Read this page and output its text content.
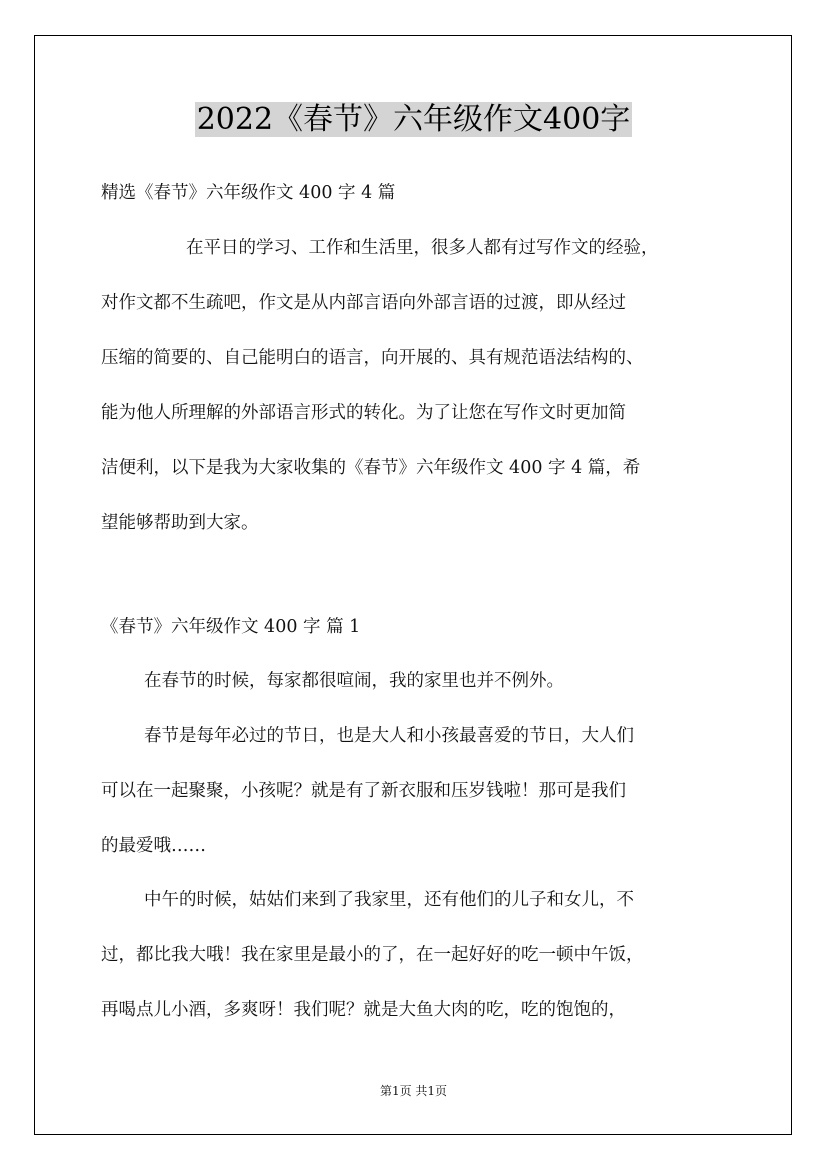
2022《春节》六年级作文400字
精选《春节》六年级作文 400 字 4 篇
在平日的学习、工作和生活里，很多人都有过写作文的经验，
对作文都不生疏吧，作文是从内部言语向外部言语的过渡，即从经过
压缩的简要的、自己能明白的语言，向开展的、具有规范语法结构的、
能为他人所理解的外部语言形式的转化。为了让您在写作文时更加简
洁便利，以下是我为大家收集的《春节》六年级作文 400 字 4 篇，希
望能够帮助到大家。
《春节》六年级作文 400 字 篇 1
在春节的时候，每家都很喧闹，我的家里也并不例外。
春节是每年必过的节日，也是大人和小孩最喜爱的节日，大人们
可以在一起聚聚，小孩呢？就是有了新衣服和压岁钱啦！那可是我们
的最爱哦……
中午的时候，姑姑们来到了我家里，还有他们的儿子和女儿，不
过，都比我大哦！我在家里是最小的了，在一起好好的吃一顿中午饭，
再喝点儿小酒，多爽呀！我们呢？就是大鱼大肉的吃，吃的饱饱的，
第1页 共1页
